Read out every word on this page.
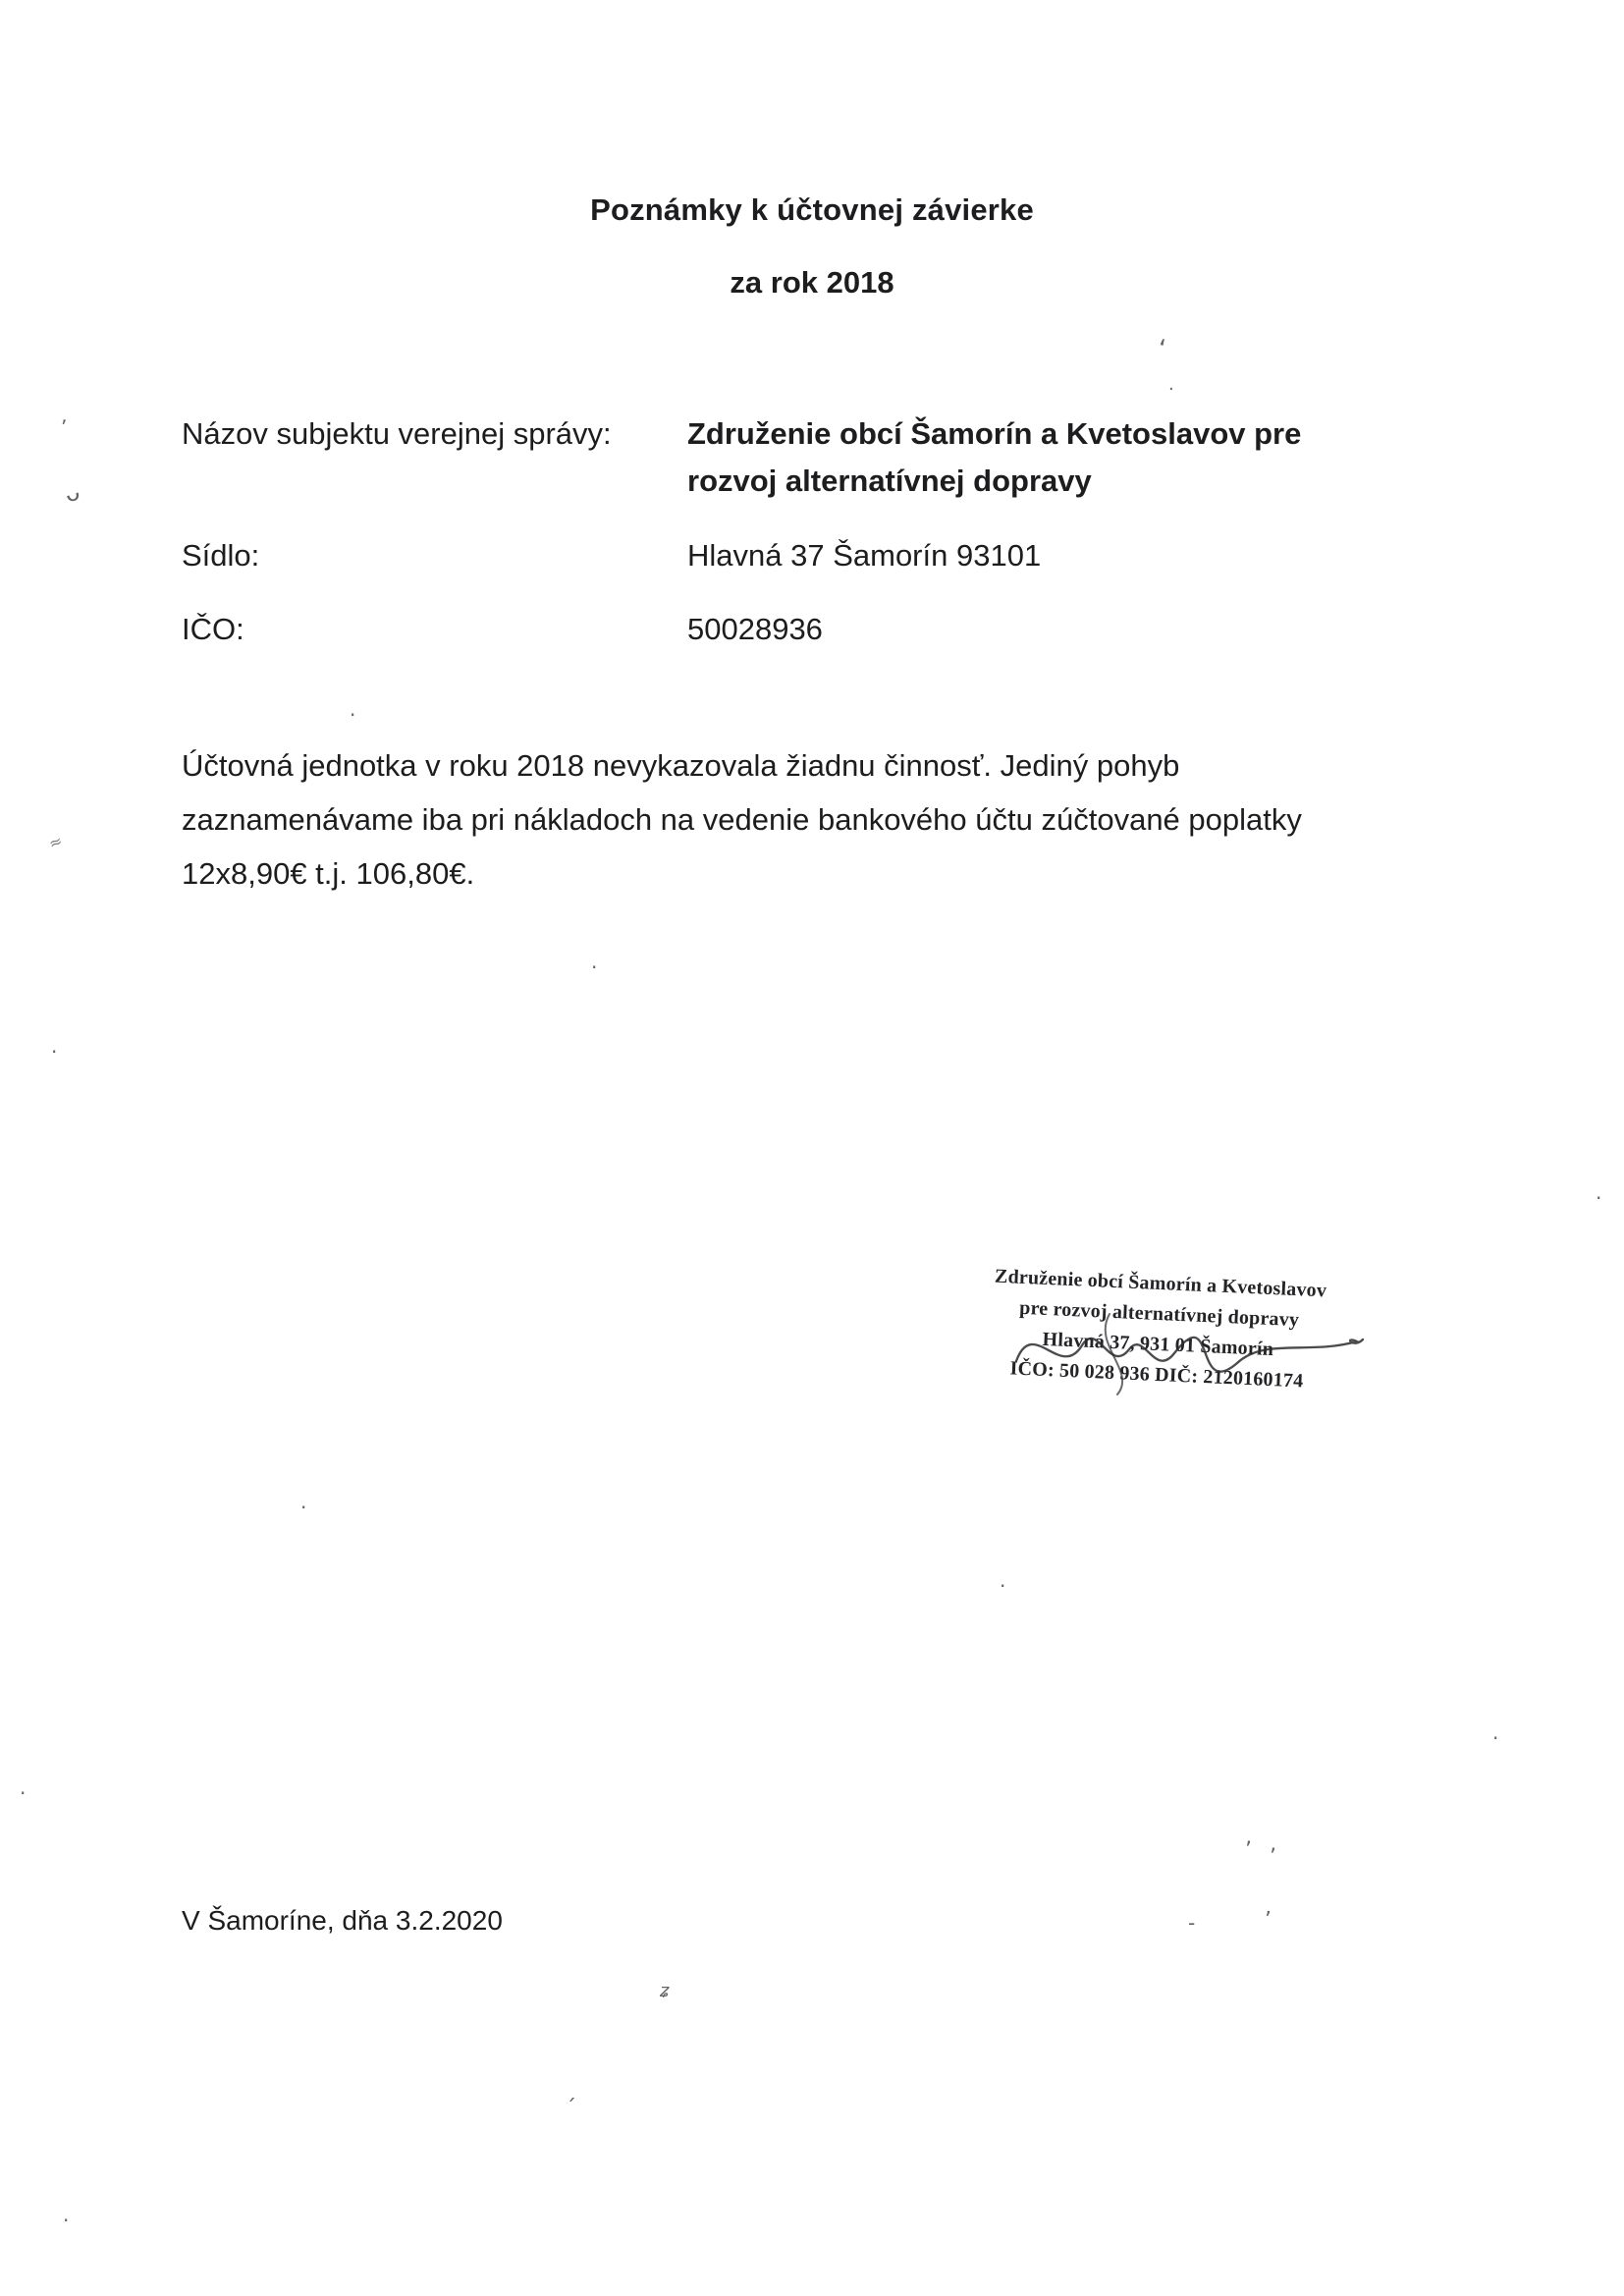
Poznámky k účtovnej závierke
za rok 2018
Názov subjektu verejnej správy:	Združenie obcí Šamorín a Kvetoslavov pre rozvoj alternatívnej dopravy
Sídlo:	Hlavná 37 Šamorín 93101
IČO:	50028936
Účtovná jednotka v roku 2018 nevykazovala žiadnu činnosť. Jediný pohyb zaznamenávame iba pri nákladoch na vedenie bankového účtu zúčtované poplatky 12x8,90€ t.j. 106,80€.
Združenie obcí Šamorín a Kvetoslavov
pre rozvoj alternatívnej dopravy
Hlavná 37, 931 01 Šamorín
IČO: 50 028 936 DIČ: 2120160174
V Šamoríne, dňa 3.2.2020
ʼ
ᴗ
·
≈
ʻ
.
·
.
·
·
·
.
’ ’
-	ʼ
ʑ
ˊ
.
·
